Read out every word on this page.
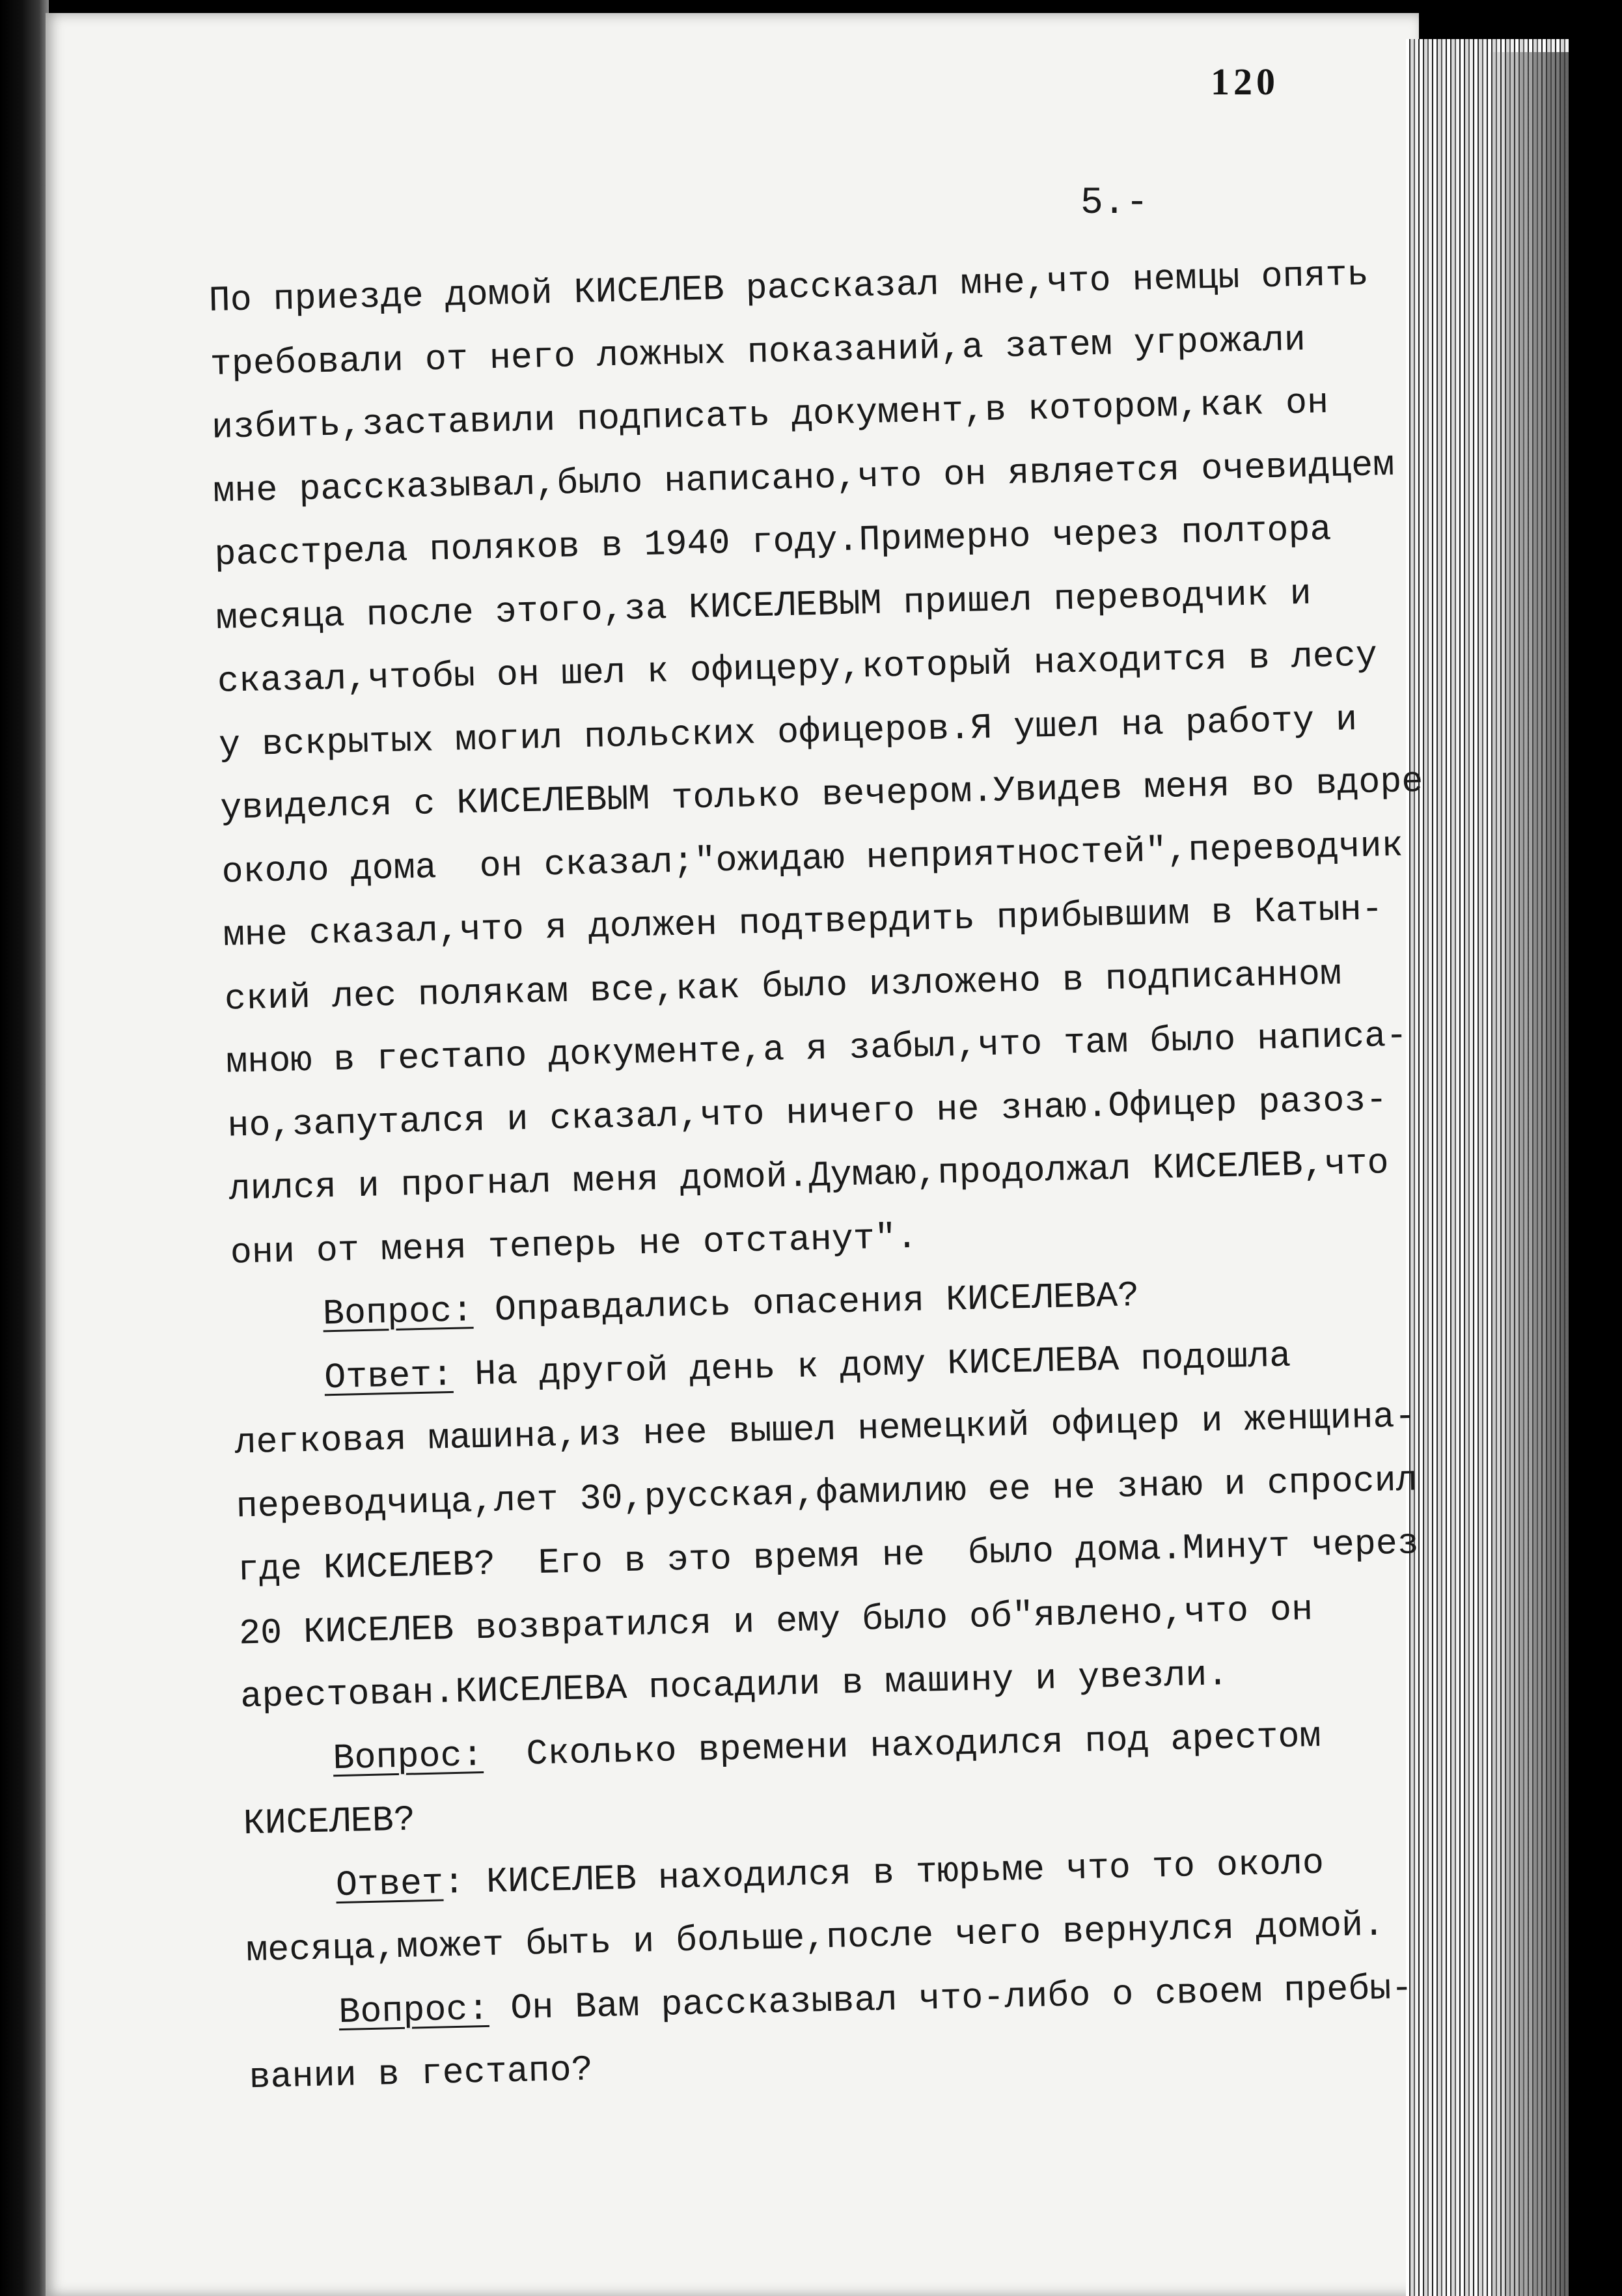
120
5.-
По приезде домой КИСЕЛЕВ рассказал мне,что немцы опять
требовали от него ложных показаний,а затем угрожали
избить,заставили подписать документ,в котором,как он
мне рассказывал,было написано,что он является очевидцем
расстрела поляков в 1940 году.Примерно через полтора
месяца после этого,за КИСЕЛЕВЫМ пришел переводчик и
сказал,чтобы он шел к офицеру,который находится в лесу
у вскрытых могил польских офицеров.Я ушел на работу и
увиделся с КИСЕЛЕВЫМ только вечером.Увидев меня во вдоре
около дома  он сказал;"ожидаю неприятностей",переводчик
мне сказал,что я должен подтвердить прибывшим в Катын-
ский лес полякам все,как было изложено в подписанном
мною в гестапо документе,а я забыл,что там было написа-
но,запутался и сказал,что ничего не знаю.Офицер разоз-
лился и прогнал меня домой.Думаю,продолжал КИСЕЛЕВ,что
они от меня теперь не отстанут".
Вопрос: Оправдались опасения КИСЕЛЕВА?
Ответ: На другой день к дому КИСЕЛЕВА подошла
легковая машина,из нее вышел немецкий офицер и женщина-
переводчица,лет 30,русская,фамилию ее не знаю и спросил
где КИСЕЛЕВ?  Его в это время не  было дома.Минут через
20 КИСЕЛЕВ возвратился и ему было об"явлено,что он
арестован.КИСЕЛЕВА посадили в машину и увезли.
Вопрос:  Сколько времени находился под арестом
КИСЕЛЕВ?
Ответ: КИСЕЛЕВ находился в тюрьме что то около
месяца,может быть и больше,после чего вернулся домой.
Вопрос: Он Вам рассказывал что-либо о своем пребы-
вании в гестапо?
